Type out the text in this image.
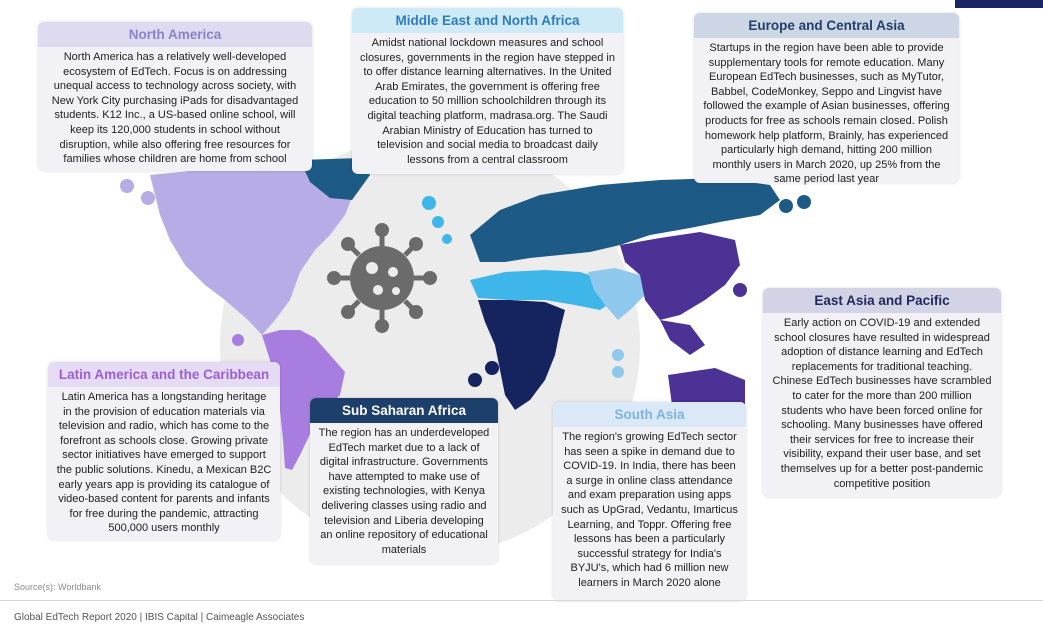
North America
North America has a relatively well-developed ecosystem of EdTech. Focus is on addressing unequal access to technology across society, with New York City purchasing iPads for disadvantaged students. K12 Inc., a US-based online school, will keep its 120,000 students in school without disruption, while also offering free resources for families whose children are home from school
Middle East and North Africa
Amidst national lockdown measures and school closures, governments in the region have stepped in to offer distance learning alternatives. In the United Arab Emirates, the government is offering free education to 50 million schoolchildren through its digital teaching platform, madrasa.org. The Saudi Arabian Ministry of Education has turned to television and social media to broadcast daily lessons from a central classroom
Europe and Central Asia
Startups in the region have been able to provide supplementary tools for remote education. Many European EdTech businesses, such as MyTutor, Babbel, CodeMonkey, Seppo and Lingvist have followed the example of Asian businesses, offering products for free as schools remain closed. Polish homework help platform, Brainly, has experienced particularly high demand, hitting 200 million monthly users in March 2020, up 25% from the same period last year
East Asia and Pacific
Early action on COVID-19 and extended school closures have resulted in widespread adoption of distance learning and EdTech replacements for traditional teaching. Chinese EdTech businesses have scrambled to cater for the more than 200 million students who have been forced online for schooling. Many businesses have offered their services for free to increase their visibility, expand their user base, and set themselves up for a better post-pandemic competitive position
Latin America and the Caribbean
Latin America has a longstanding heritage in the provision of education materials via television and radio, which has come to the forefront as schools close. Growing private sector initiatives have emerged to support the public solutions. Kinedu, a Mexican B2C early years app is providing its catalogue of video-based content for parents and infants for free during the pandemic, attracting 500,000 users monthly
Sub Saharan Africa
The region has an underdeveloped EdTech market due to a lack of digital infrastructure. Governments have attempted to make use of existing technologies, with Kenya delivering classes using radio and television and Liberia developing an online repository of educational materials
South Asia
The region's growing EdTech sector has seen a spike in demand due to COVID-19. In India, there has been a surge in online class attendance and exam preparation using apps such as UpGrad, Vedantu, Imarticus Learning, and Toppr. Offering free lessons has been a particularly successful strategy for India's BYJU's, which had 6 million new learners in March 2020 alone
Source(s): Worldbank
Global EdTech Report 2020 | IBIS Capital | Caimeagle Associates
